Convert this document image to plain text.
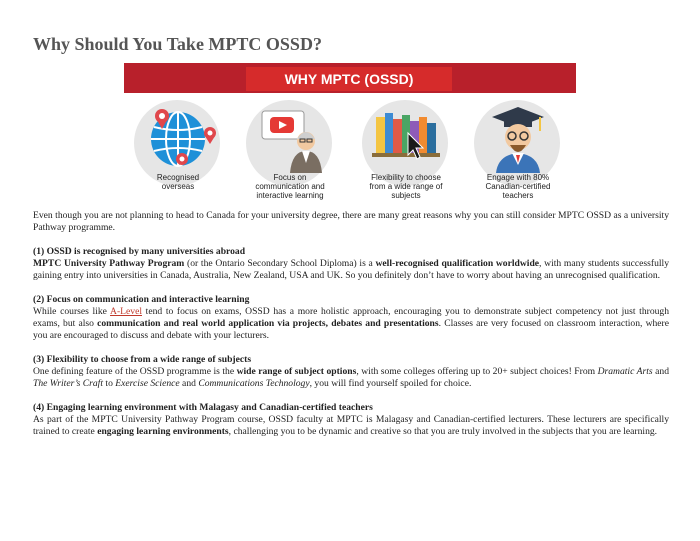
Why Should You Take MPTC OSSD?
WHY MPTC (OSSD)
Recognised
overseas
Focus on
communication and
interactive learning
Flexibility to choose
from a wide range of
subjects
Engage with 80%
Canadian-certified
teachers

Even though you are not planning to head to Canada for your university degree, there are many great reasons why you can still consider MPTC OSSD as a university Pathway programme.

(1) OSSD is recognised by many universities abroad
MPTC University Pathway Program (or the Ontario Secondary School Diploma) is a well-recognised qualification worldwide, with many students successfully gaining entry into universities in Canada, Australia, New Zealand, USA and UK. So you definitely don’t have to worry about having an unrecognised qualification.

(2) Focus on communication and interactive learning
While courses like A-Level tend to focus on exams, OSSD has a more holistic approach, encouraging you to demonstrate subject competency not just through exams, but also communication and real world application via projects, debates and presentations. Classes are very focused on classroom interaction, where you are encouraged to discuss and debate with your lecturers.

(3) Flexibility to choose from a wide range of subjects
One defining feature of the OSSD programme is the wide range of subject options, with some colleges offering up to 20+ subject choices! From Dramatic Arts and The Writer’s Craft to Exercise Science and Communications Technology, you will find yourself spoiled for choice.

(4) Engaging learning environment with Malagasy and Canadian-certified teachers
As part of the MPTC University Pathway Program course, OSSD faculty at MPTC is Malagasy and Canadian-certified lecturers. These lecturers are specifically trained to create engaging learning environments, challenging you to be dynamic and creative so that you are truly involved in the subjects that you are learning.
